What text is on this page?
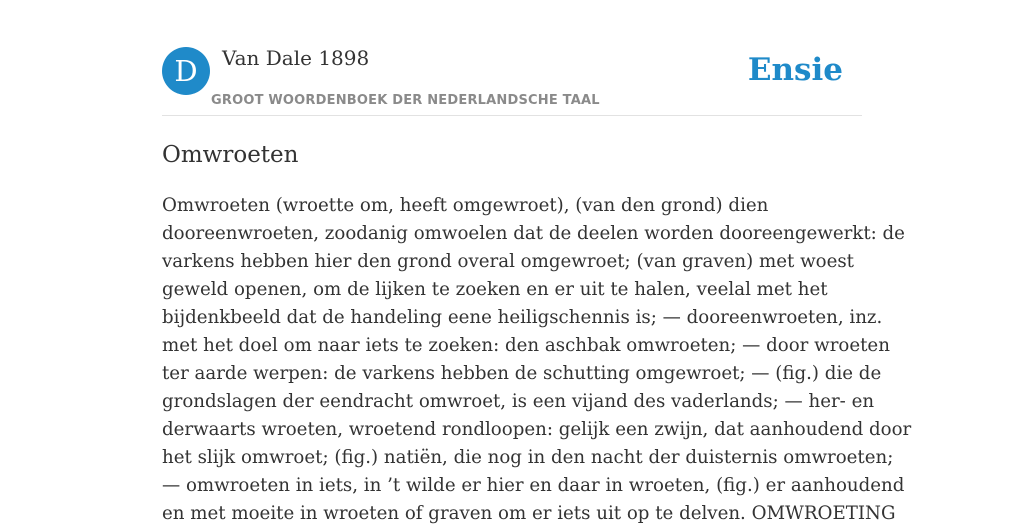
D	Van Dale 1898
GROOT WOORDENBOEK DER NEDERLANDSCHE TAAL
Ensie
Omwroeten

Omwroeten (wroette om, heeft omgewroet), (van den grond) dien
dooreenwroeten, zoodanig omwoelen dat de deelen worden dooreengewerkt: de
varkens hebben hier den grond overal omgewroet; (van graven) met woest
geweld openen, om de lijken te zoeken en er uit te halen, veelal met het
bijdenkbeeld dat de handeling eene heiligschennis is; — dooreenwroeten, inz.
met het doel om naar iets te zoeken: den aschbak omwroeten; — door wroeten
ter aarde werpen: de varkens hebben de schutting omgewroet; — (fig.) die de
grondslagen der eendracht omwroet, is een vijand des vaderlands; — her- en
derwaarts wroeten, wroetend rondloopen: gelijk een zwijn, dat aanhoudend door
het slijk omwroet; (fig.) natiën, die nog in den nacht der duisternis omwroeten;
— omwroeten in iets, in ’t wilde er hier en daar in wroeten, (fig.) er aanhoudend
en met moeite in wroeten of graven om er iets uit op te delven. OMWROETING
